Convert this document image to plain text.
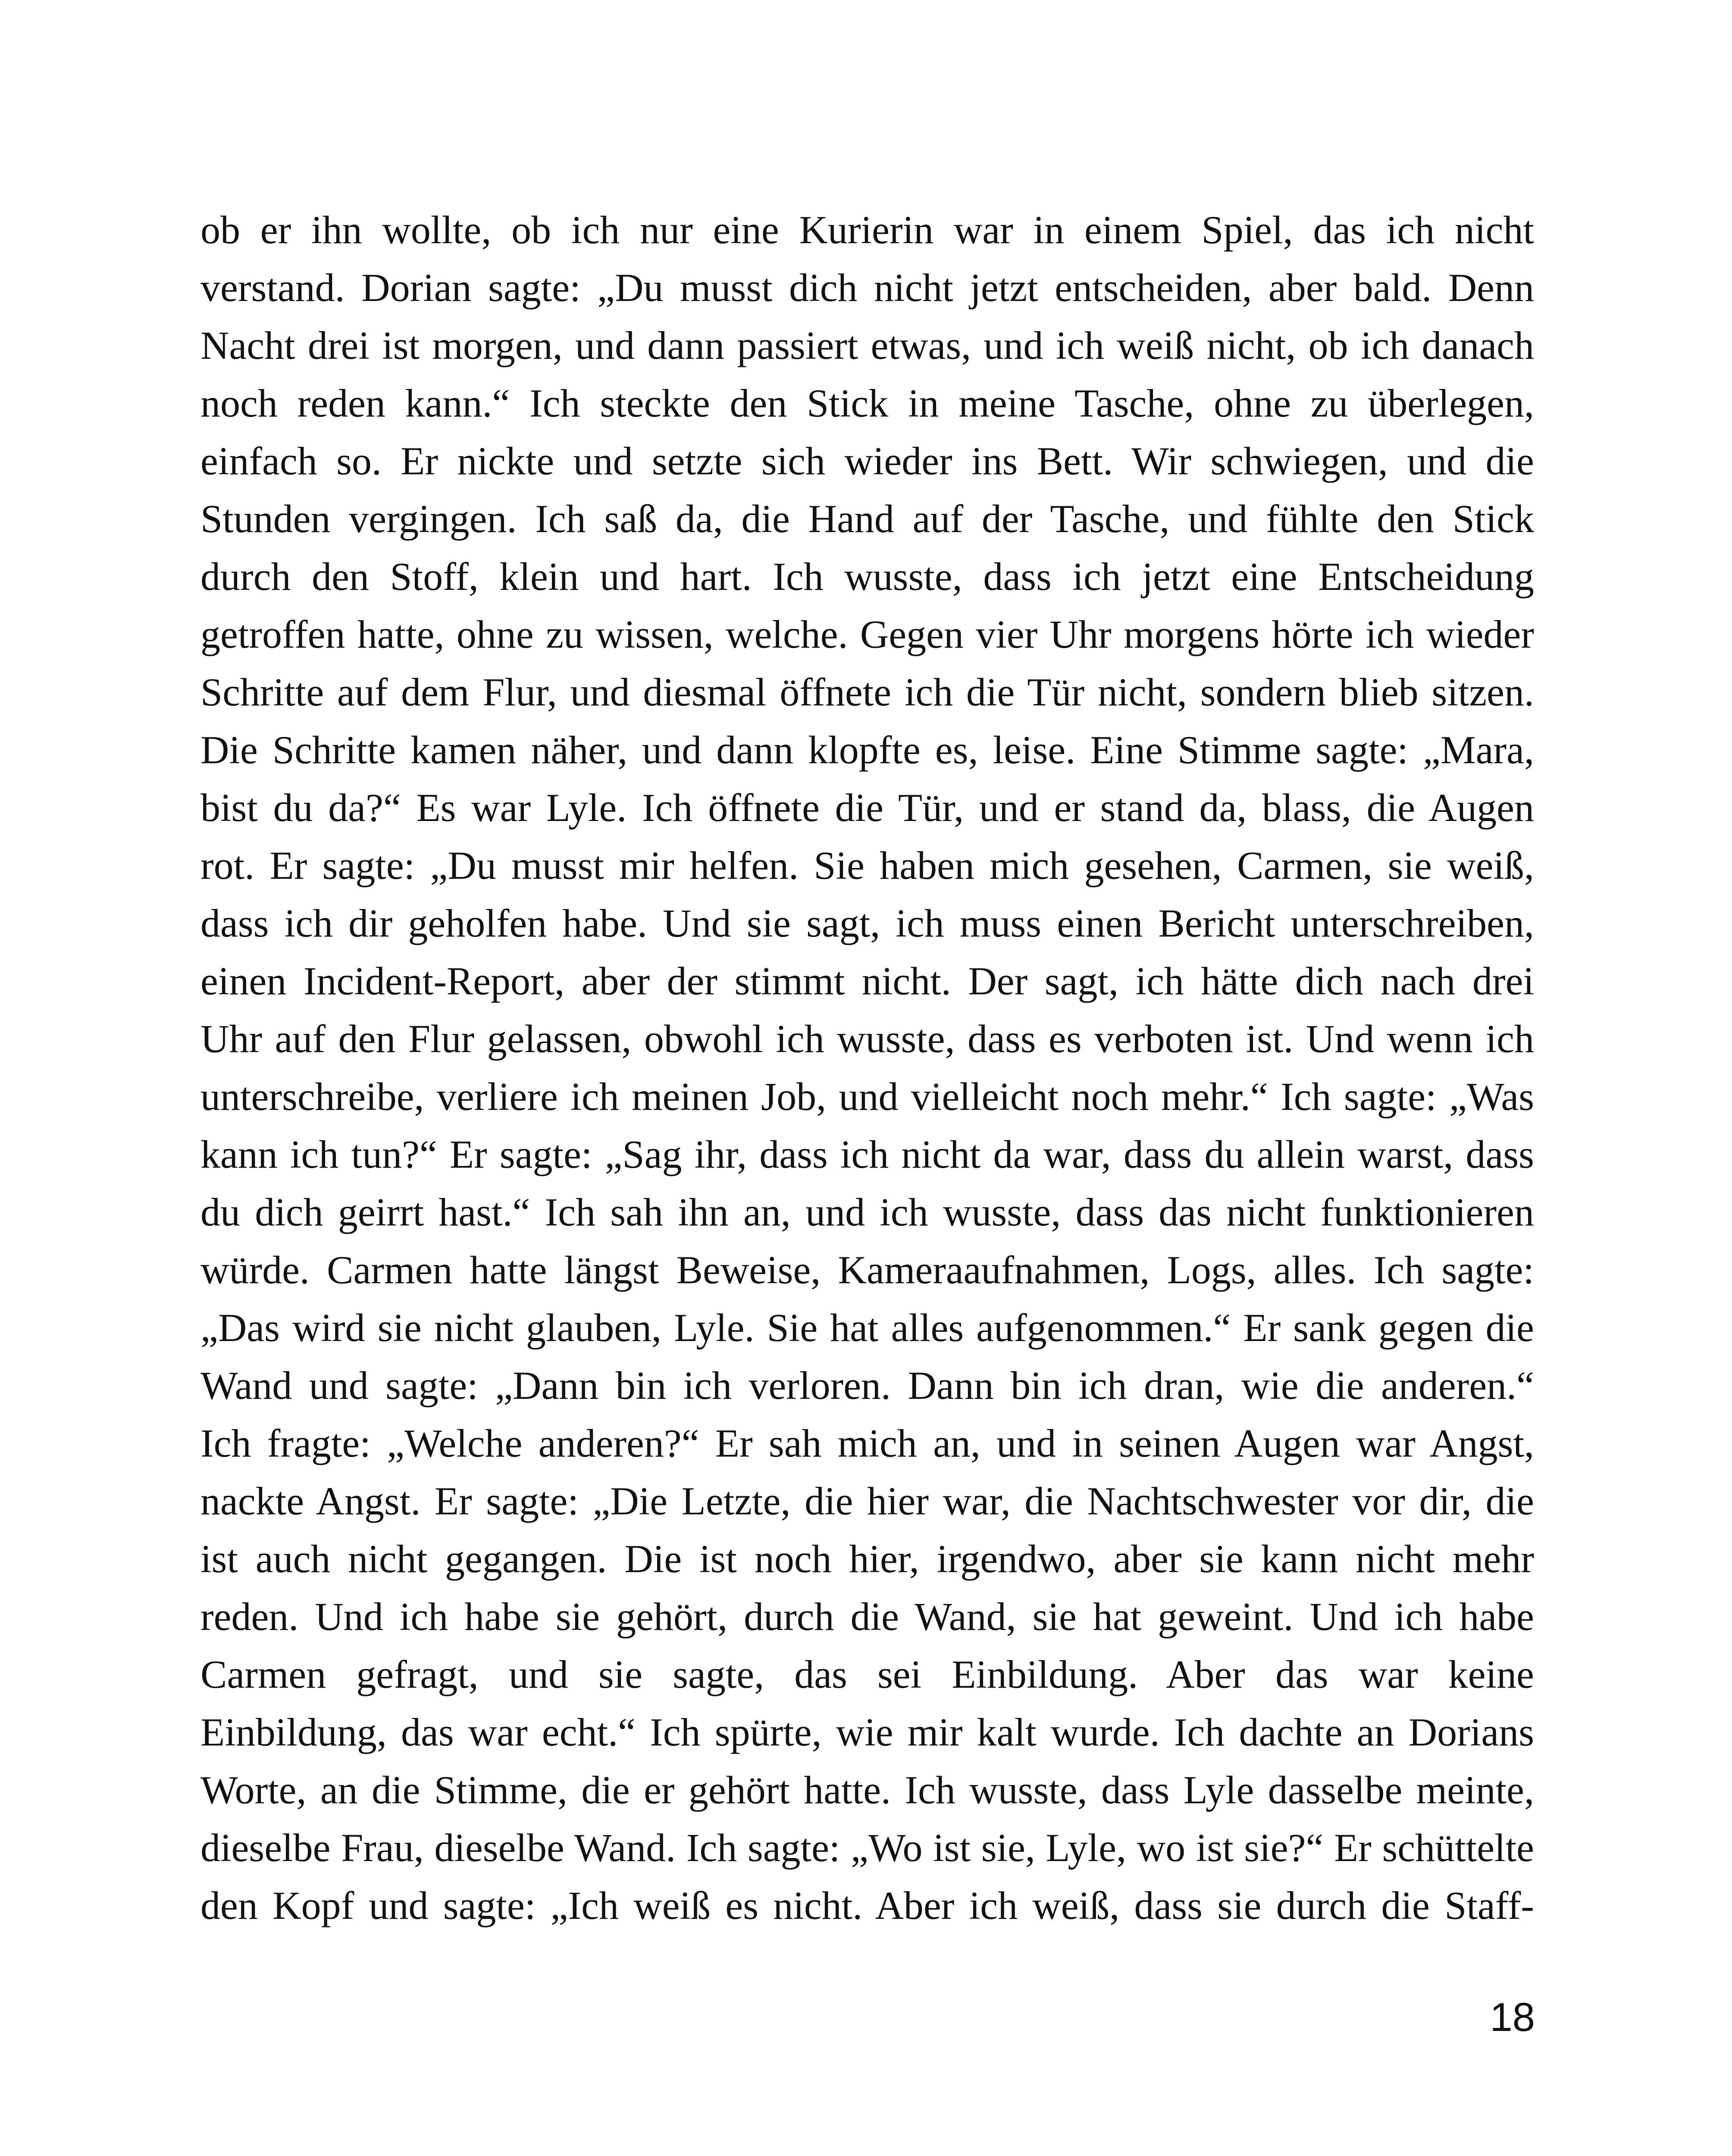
ob er ihn wollte, ob ich nur eine Kurierin war in einem Spiel, das ich nicht
verstand. Dorian sagte: „Du musst dich nicht jetzt entscheiden, aber bald. Denn
Nacht drei ist morgen, und dann passiert etwas, und ich weiß nicht, ob ich danach
noch reden kann.“ Ich steckte den Stick in meine Tasche, ohne zu überlegen,
einfach so. Er nickte und setzte sich wieder ins Bett. Wir schwiegen, und die
Stunden vergingen. Ich saß da, die Hand auf der Tasche, und fühlte den Stick
durch den Stoff, klein und hart. Ich wusste, dass ich jetzt eine Entscheidung
getroffen hatte, ohne zu wissen, welche. Gegen vier Uhr morgens hörte ich wieder
Schritte auf dem Flur, und diesmal öffnete ich die Tür nicht, sondern blieb sitzen.
Die Schritte kamen näher, und dann klopfte es, leise. Eine Stimme sagte: „Mara,
bist du da?“ Es war Lyle. Ich öffnete die Tür, und er stand da, blass, die Augen
rot. Er sagte: „Du musst mir helfen. Sie haben mich gesehen, Carmen, sie weiß,
dass ich dir geholfen habe. Und sie sagt, ich muss einen Bericht unterschreiben,
einen Incident-Report, aber der stimmt nicht. Der sagt, ich hätte dich nach drei
Uhr auf den Flur gelassen, obwohl ich wusste, dass es verboten ist. Und wenn ich
unterschreibe, verliere ich meinen Job, und vielleicht noch mehr.“ Ich sagte: „Was
kann ich tun?“ Er sagte: „Sag ihr, dass ich nicht da war, dass du allein warst, dass
du dich geirrt hast.“ Ich sah ihn an, und ich wusste, dass das nicht funktionieren
würde. Carmen hatte längst Beweise, Kameraaufnahmen, Logs, alles. Ich sagte:
„Das wird sie nicht glauben, Lyle. Sie hat alles aufgenommen.“ Er sank gegen die
Wand und sagte: „Dann bin ich verloren. Dann bin ich dran, wie die anderen.“
Ich fragte: „Welche anderen?“ Er sah mich an, und in seinen Augen war Angst,
nackte Angst. Er sagte: „Die Letzte, die hier war, die Nachtschwester vor dir, die
ist auch nicht gegangen. Die ist noch hier, irgendwo, aber sie kann nicht mehr
reden. Und ich habe sie gehört, durch die Wand, sie hat geweint. Und ich habe
Carmen gefragt, und sie sagte, das sei Einbildung. Aber das war keine
Einbildung, das war echt.“ Ich spürte, wie mir kalt wurde. Ich dachte an Dorians
Worte, an die Stimme, die er gehört hatte. Ich wusste, dass Lyle dasselbe meinte,
dieselbe Frau, dieselbe Wand. Ich sagte: „Wo ist sie, Lyle, wo ist sie?“ Er schüttelte
den Kopf und sagte: „Ich weiß es nicht. Aber ich weiß, dass sie durch die Staff-
18
